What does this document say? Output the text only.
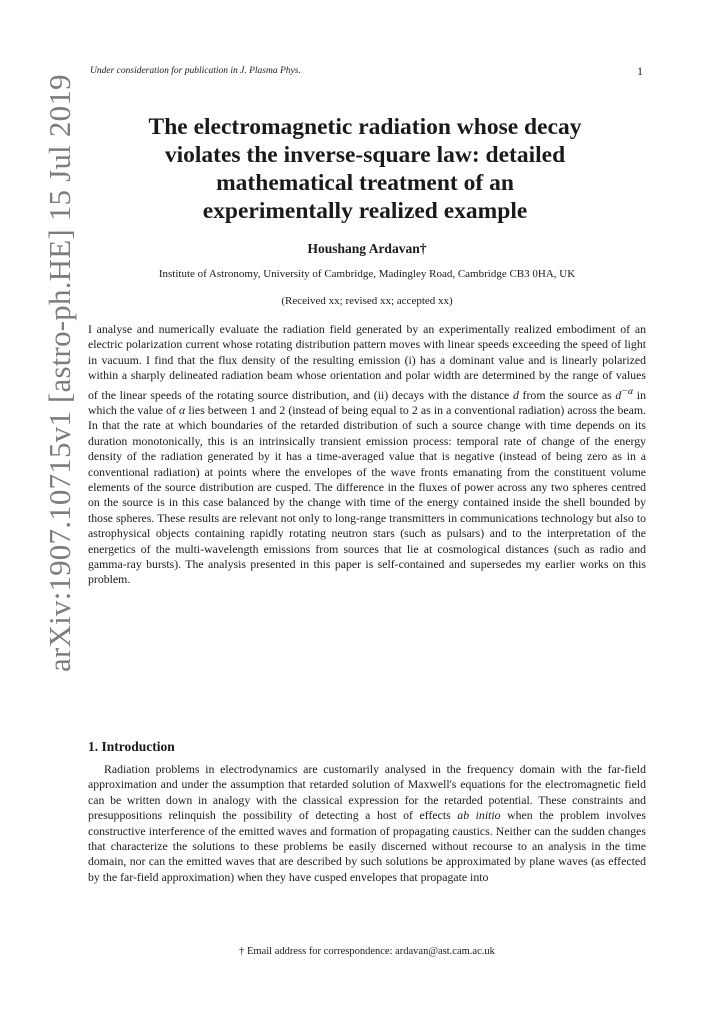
Under consideration for publication in J. Plasma Phys.	1
arXiv:1907.10715v1 [astro-ph.HE] 15 Jul 2019	The electromagnetic radiation whose decay
violates the inverse-square law: detailed
mathematical treatment of an
experimentally realized example
Houshang Ardavan†
Institute of Astronomy, University of Cambridge, Madingley Road, Cambridge CB3 0HA, UK
(Received xx; revised xx; accepted xx)
I analyse and numerically evaluate the radiation field generated by an experimentally realized embodiment of an electric polarization current whose rotating distribution pattern moves with linear speeds exceeding the speed of light in vacuum. I find that the flux density of the resulting emission (i) has a dominant value and is linearly polarized within a sharply delineated radiation beam whose orientation and polar width are determined by the range of values of the linear speeds of the rotating source distribution, and (ii) decays with the distance d from the source as $d^{-\alpha}$ in which the value of α lies between 1 and 2 (instead of being equal to 2 as in a conventional radiation) across the beam. In that the rate at which boundaries of the retarded distribution of such a source change with time depends on its duration monotonically, this is an intrinsically transient emission process: temporal rate of change of the energy density of the radiation generated by it has a time-averaged value that is negative (instead of being zero as in a conventional radiation) at points where the envelopes of the wave fronts emanating from the constituent volume elements of the source distribution are cusped. The difference in the fluxes of power across any two spheres centred on the source is in this case balanced by the change with time of the energy contained inside the shell bounded by those spheres. These results are relevant not only to long-range transmitters in communications technology but also to astrophysical objects containing rapidly rotating neutron stars (such as pulsars) and to the interpretation of the energetics of the multi-wavelength emissions from sources that lie at cosmological distances (such as radio and gamma-ray bursts). The analysis presented in this paper is self-contained and supersedes my earlier works on this problem.
1. Introduction
Radiation problems in electrodynamics are customarily analysed in the frequency domain with the far-field approximation and under the assumption that retarded solution of Maxwell's equations for the electromagnetic field can be written down in analogy with the classical expression for the retarded potential. These constraints and presuppositions relinquish the possibility of detecting a host of effects ab initio when the problem involves constructive interference of the emitted waves and formation of propagating caustics. Neither can the sudden changes that characterize the solutions to these problems be easily discerned without recourse to an analysis in the time domain, nor can the emitted waves that are described by such solutions be approximated by plane waves (as effected by the far-field approximation) when they have cusped envelopes that propagate into
† Email address for correspondence: ardavan@ast.cam.ac.uk
